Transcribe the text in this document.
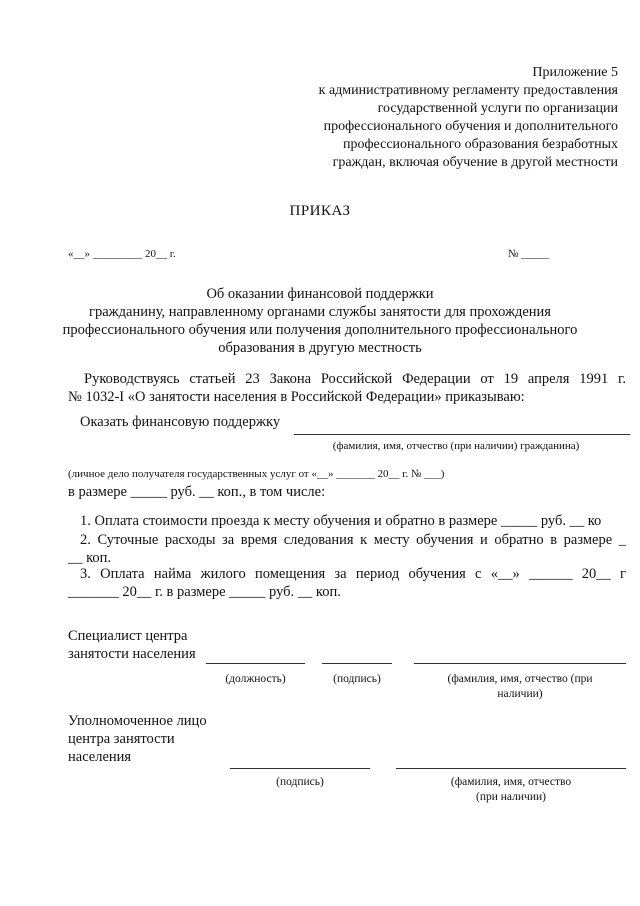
Приложение 5
к административному регламенту предоставления
государственной услуги по организации
профессионального обучения и дополнительного
профессионального образования безработных
граждан, включая обучение в другой местности
ПРИКАЗ
«__» _________ 20__ г.	№ _____
Об оказании финансовой поддержки
гражданину, направленному органами службы занятости для прохождения
профессионального обучения или получения дополнительного профессионального
образования в другую местность
Руководствуясь статьей 23 Закона Российской Федерации от 19 апреля 1991 г.
№ 1032-I «О занятости населения в Российской Федерации» приказываю:
Оказать финансовую поддержку
(фамилия, имя, отчество (при наличии) гражданина)
(личное дело получателя государственных услуг от «__» _______ 20__ г. № ___)
в размере _____ руб. __ коп., в том числе:
1. Оплата стоимости проезда к месту обучения и обратно в размере _____ руб. __ ко
2. Суточные расходы за время следования к месту обучения и обратно в размере _
__ коп.
3. Оплата найма жилого помещения за период обучения с «__» ______ 20__ г
_______ 20__ г. в размере _____ руб. __ коп.
Специалист центра
занятости населения
(должность)	(подпись)	(фамилия, имя, отчество (при
наличии)
Уполномоченное лицо
центра занятости
населения
(подпись)	(фамилия, имя, отчество
(при наличии)
